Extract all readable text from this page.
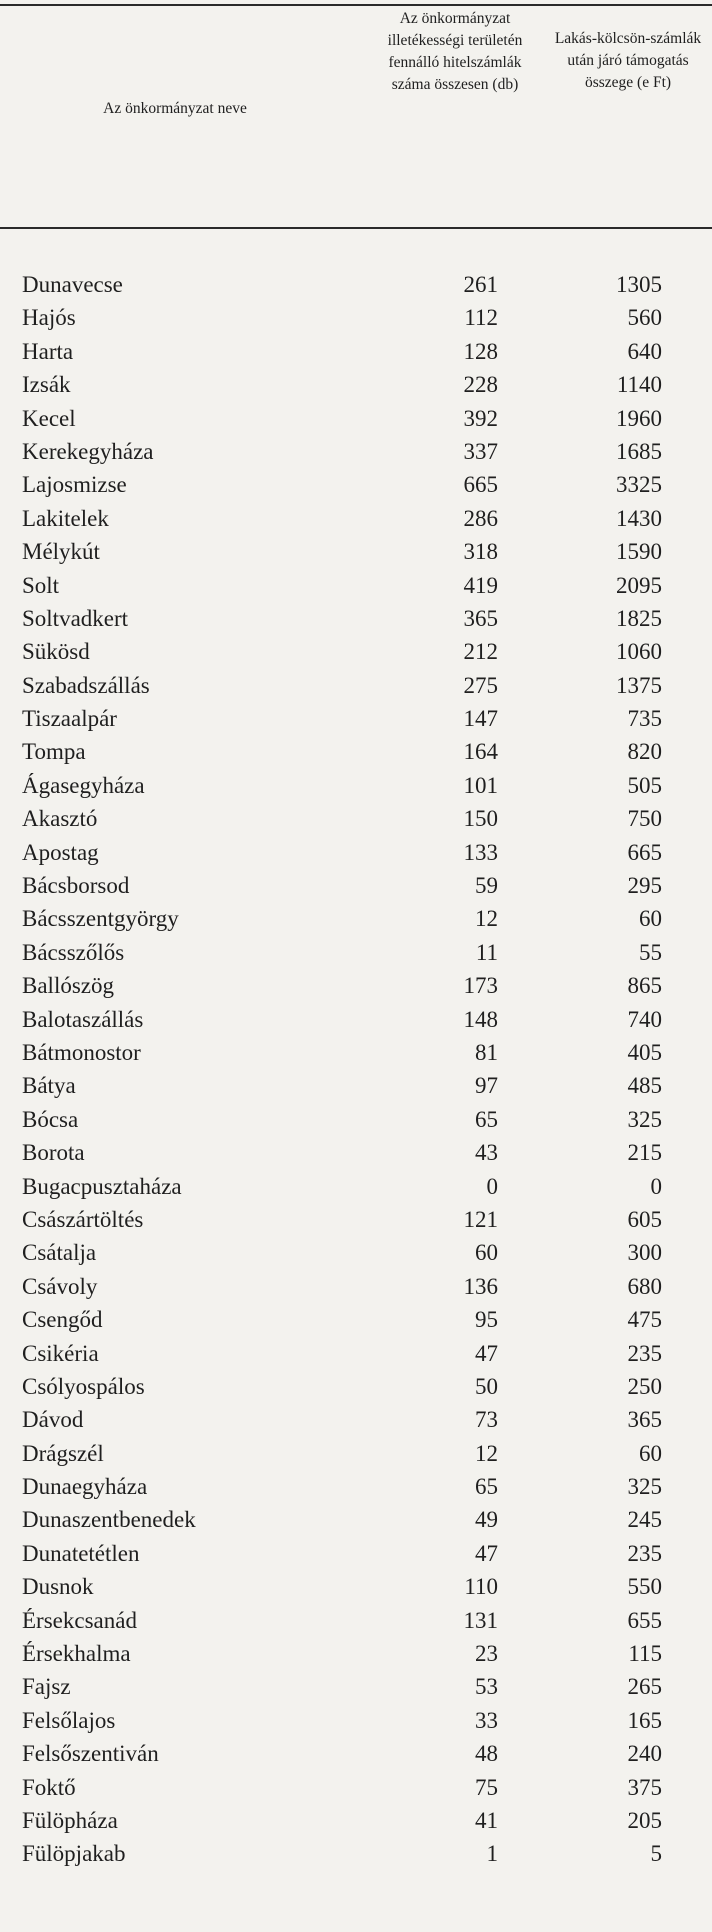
Az önkormányzat neve
Az önkormányzat illetékességi területén fennálló hitelszámlák száma összesen (db)
Lakás-kölcsön-számlák után járó támogatás összege (e Ft)
Dunavecse	261	1305
Hajós	112	560
Harta	128	640
Izsák	228	1140
Kecel	392	1960
Kerekegyháza	337	1685
Lajosmizse	665	3325
Lakitelek	286	1430
Mélykút	318	1590
Solt	419	2095
Soltvadkert	365	1825
Sükösd	212	1060
Szabadszállás	275	1375
Tiszaalpár	147	735
Tompa	164	820
Ágasegyháza	101	505
Akasztó	150	750
Apostag	133	665
Bácsborsod	59	295
Bácsszentgyörgy	12	60
Bácsszőlős	11	55
Ballószög	173	865
Balotaszállás	148	740
Bátmonostor	81	405
Bátya	97	485
Bócsa	65	325
Borota	43	215
Bugacpusztaháza	0	0
Császártöltés	121	605
Csátalja	60	300
Csávoly	136	680
Csengőd	95	475
Csikéria	47	235
Csólyospálos	50	250
Dávod	73	365
Drágszél	12	60
Dunaegyháza	65	325
Dunaszentbenedek	49	245
Dunatetétlen	47	235
Dusnok	110	550
Érsekcsanád	131	655
Érsekhalma	23	115
Fajsz	53	265
Felsőlajos	33	165
Felsőszentiván	48	240
Foktő	75	375
Fülöpháza	41	205
Fülöpjakab	1	5
